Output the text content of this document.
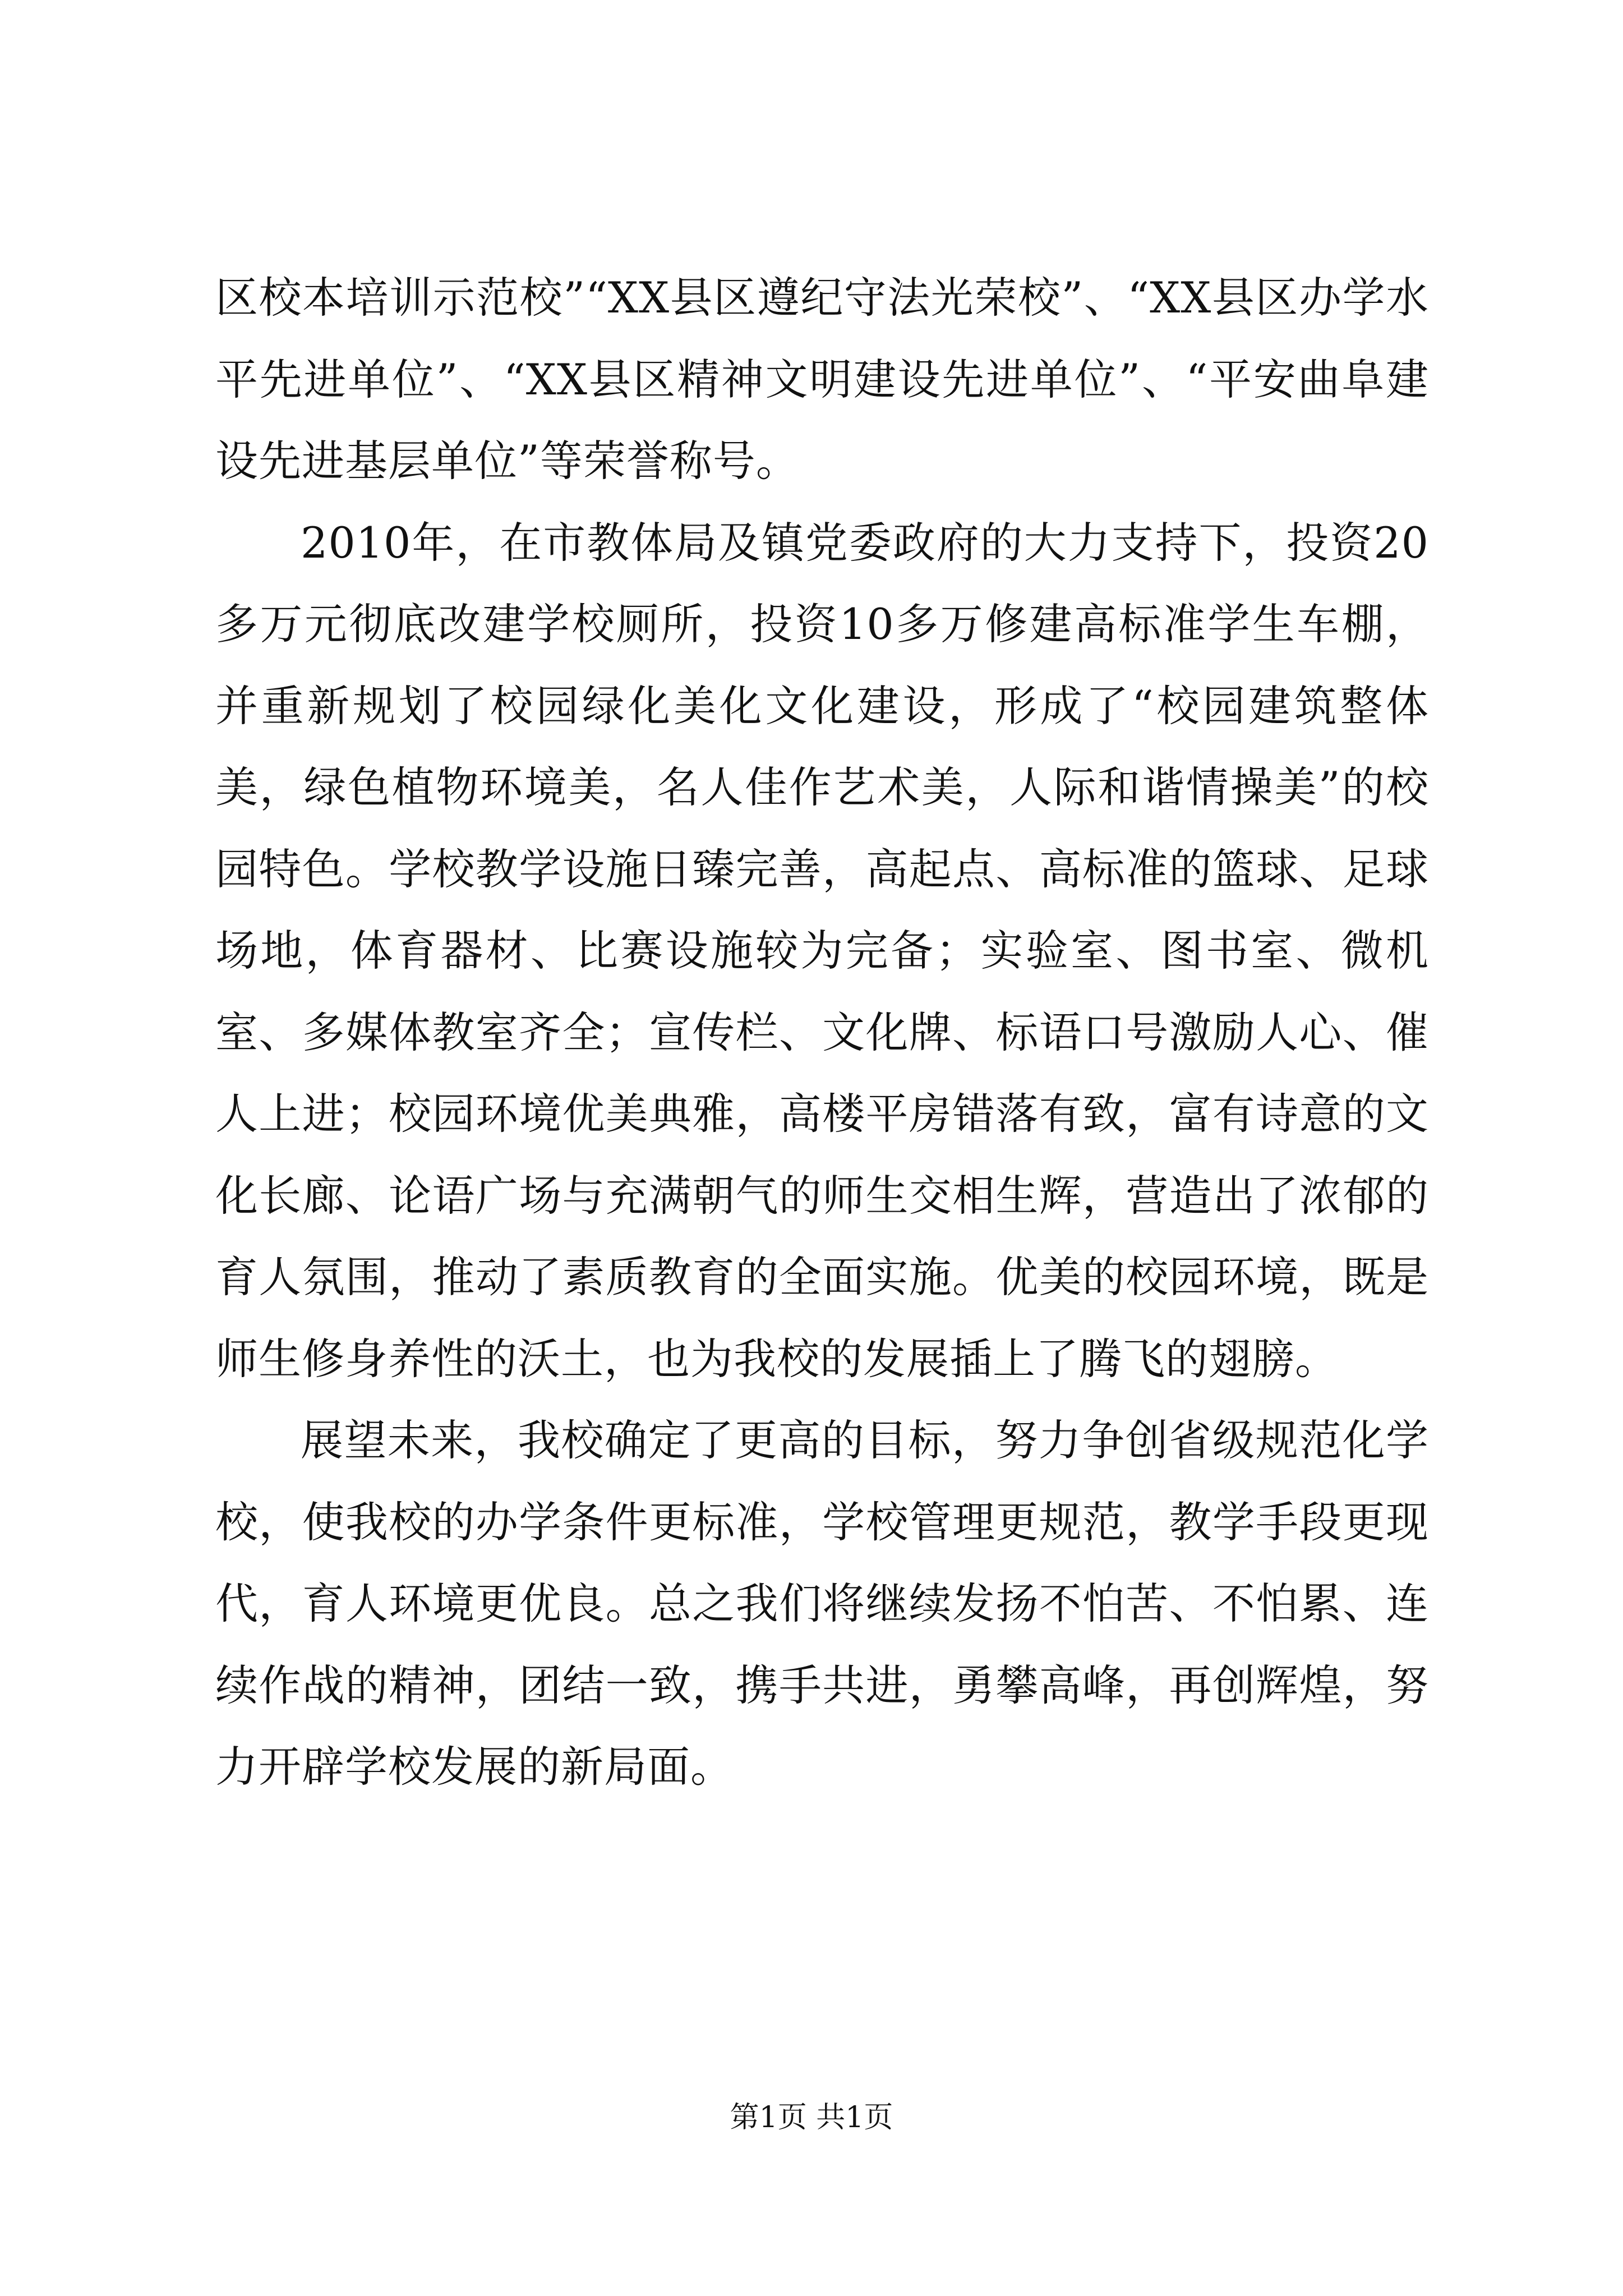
区校本培训示范校”“XX县区遵纪守法光荣校”、“XX县区办学水平先进单位”、“XX县区精神文明建设先进单位”、“平安曲阜建设先进基层单位”等荣誉称号。

2010年，在市教体局及镇党委政府的大力支持下，投资20多万元彻底改建学校厕所，投资10多万修建高标准学生车棚，并重新规划了校园绿化美化文化建设，形成了“校园建筑整体美，绿色植物环境美，名人佳作艺术美，人际和谐情操美”的校园特色。学校教学设施日臻完善，高起点、高标准的篮球、足球场地，体育器材、比赛设施较为完备；实验室、图书室、微机室、多媒体教室齐全；宣传栏、文化牌、标语口号激励人心、催人上进；校园环境优美典雅，高楼平房错落有致，富有诗意的文化长廊、论语广场与充满朝气的师生交相生辉，营造出了浓郁的育人氛围，推动了素质教育的全面实施。优美的校园环境，既是师生修身养性的沃土，也为我校的发展插上了腾飞的翅膀。

展望未来，我校确定了更高的目标，努力争创省级规范化学校，使我校的办学条件更标准，学校管理更规范，教学手段更现代，育人环境更优良。总之我们将继续发扬不怕苦、不怕累、连续作战的精神，团结一致，携手共进，勇攀高峰，再创辉煌，努力开辟学校发展的新局面。

第1页 共1页
